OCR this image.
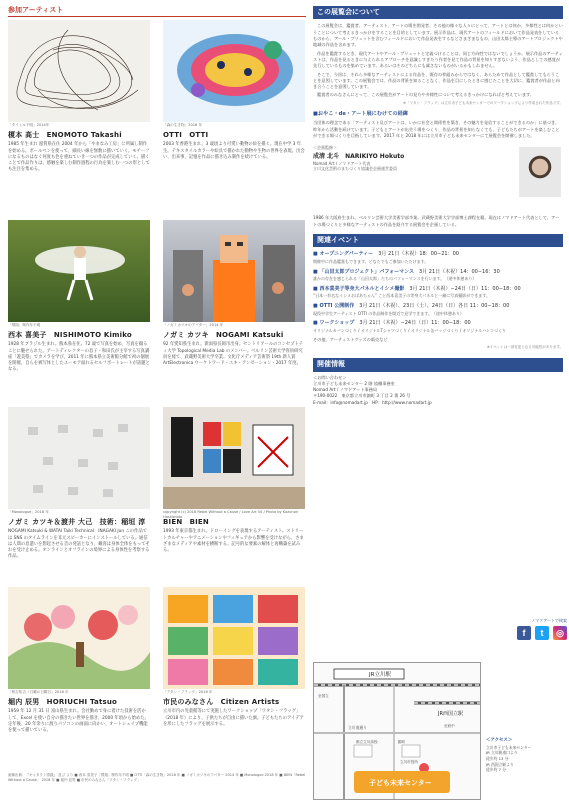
参加アーティスト
「タイトル不明」2014年
榎本 高士　ENOMOTO Takashi
1985 年生まれ 滋賀県在住 2004 年から「やまなみ工房」に所属し制作を始める。ボールペンを使って、細長い線を無数に描いていく。モチーフになるものはなく何度も色を重ねていき一つの作品が完成していく。描くことで作品作りは、感触を楽しむ制作過程の行為を楽しむ一つの形としても注目を集める。
「森の生き物」2018 年
OTTI　OTTI
2003 年香港生まれ。3 歳頃より可愛い動物の絵を描く。現在中学 3 年生。テキスタイルカラーや絵具で描かれた動物や生物の世界を表現。出会い、出来事、記憶を作品に描き込み制作を続けている。
「飛翔」制作年不明
西本 喜美子　NISHIMOTO Kimiko
1928 年ブラジル生まれ。熊本県在住。72 歳で写真を始め、写真を撮ることに魅せられた。アートディレクターの息子・和田氏が主宰する写真講座「遊美塾」でカメラを学び、2011 年に熊本県立美術館分館で初の個展を開催。自らを被写体としたユーモア溢れるセルフポートレートが話題となる。
「ノガミカツキのアバター」2014 年
ノガミ カツキ　NOGAMI Katsuki
92 年愛知県生まれ。新潟県長岡市出身。セントリアールのコンセプトティ大学 Topological Media Lab のメンバー。ベルリン芸術大学客員研究員を経て、武蔵野美術大学卒業。文化庁メディア芸術祭 19th 新人賞 ArtElectronica ウーケトワード・エキ・アンゼーション・2017 年度。
「Monologue」2018 年
ノガミ カツキ＆渡井 大己　技術：稲垣 淳
NOGAMI Katsuki & WATAI Taiki Technical：INAGAKI Jun この作品では SNS のタイムラインを耳元スピーカーにインストールしている。通信は人間の息遣いを想起させる音の発話となり、観客は身体全体をもってそれを受け止める。オンラインとオフラインの境界による身体性を考察する作品。
copyright (c) 2018 Rebel Without a Cause / Love Art 54 / Photo by Kazunori Hashimoto
BIEN　BIEN
1993 年東京都生まれ。ドローイングを表現するアーティスト。ストリートカルチャーやアニメーションやフィギュアから影響を受けながら、さまざまなメディアや素材を横断する。記号的な要素の解体と再構築を試みる。
「秋吉佑吉（日曜の日曜日」2016 年
堀内 辰男　HORIUCHI Tatsuo
1959 年 12 月 31 日 富山県生まれ。会社勤めで身に着けた技術を活かして、Excel を使い自分の描きたい世界を描き、2000 年頃から始めた。定年後、20 年余りに渡りパソコンの画面に向かい、オートシェイプ機能を使って描いている。
「アタシ・フラッグ」2016 年
市民のみなさん　Citizen Artists
立川市内の児童館等にて実施したワークショップ「ワタシ・フラッグ」（2018 年）により、子供たちが自由に描いた旗。子どもたちのアイデアを形にしたフラッグを展示する。
画像出典：『キャタクト図録』 及び より ■ 西本 喜美子「飛翔」制作年不明 ■ OTTI「森の生き物」2018 年 ■ ノガミカツキのアバター 2014 年 ■ Monologue 2018 年 ■ BIEN「Rebel Without a Cause」 2018 年 ■ 堀内 辰男 ■ 市民のみなさん「ワタシ・フラッグ」
この展覧会について

この展覧会は、鑑賞者、アーティスト、アートの場を開発者、その他の様々な人々にとって、アートとは何か、多様性とは何かということについて考えるきっかけをすることを目的としています。展示作品は、現代アートのフィールドにおいて作品発表をしているものから、アール・ブリュットを含むフィールドにおいて作品発表をするなどさまざまなもの、山田太郎主導のアートプロジェクトや地域の作品を含めます。

作品を鑑賞するとき、現代アートやアール・ブリュットと定義づけることは、同じ方向性ではないでしょうか。展示作品のアーティストは、作品を見るときに与えられるアプローチを意識しすぎたり作者を見て作品の背景を知りすぎないよう、作品としての感覚が先行しているものを集めています。あるいはそのどちらにも属さないものがいるかもしれません。

そこで、今回は、それら多様なアーティストによる作品を、既存の枠組みからではなく、あらためて作品として鑑賞してもらうことを意図しています。この展覧会では、作品の背景を知ることなく、作品を目にしたときに感じたことを大切に、鑑賞者が作品と向き合うことを意図しています。

鑑賞者のみなさんにとって、この展覧会がアートの見方や多様性について考えるきっかけになればと考えています。

※「ワタシ・フラッグ」は立川市子ども未来センターでのワークショップにより作成された作品です。
■おやこ・de・アート展にむけての経緯
当団体の理念である「アーティスト及びアートは、いかに社会と関係性を築き、その魅力を発信することができるのか」に基づき、昨年から活動を続けています。子どもとアートが出会う場をつくり、作品の背景を知らなくても、子どもたちがアートを楽しむことができる場づくりを目指しています。2017 年と 2018 年には立川市子ども未来センターにて展覧会を開催しました。
＜企画監修＞
成清 北斗　NARIKIYO Hokuto
Nomad Art / ノマドアート代表
立川文化芸術のまちづくり協議会企画運営委員
1986 年大阪府生まれ。ベルリン芸術大学美術学部卒業。武蔵野美術大学学部博士課程在籍。現在はノマドアート代表として、アートの場づくりと多様なアーティストの作品を紹介する展覧会を企画している。
関連イベント
■ オープニングパーティー　 3月 21日（木祝）18：00−21：00
開催中に作品鑑賞もできます。どなたでもご参加いただけます。
■ 「山田太郎プロジェクト」パフォーマンス　 3月 21日（木祝）14：00−16：30
誰かの存在を感じられる「山田太郎」たちのパフォーマンスを行います。（途中休憩あり）
■ 西本喜美子等身大パネルとイシメ撮影　 3月 21日（木祝）−24日（日）11：00−18：00
“日本一有名なイシメおばあちゃん” こと西本喜美子の等身大パネルと一緒に写真撮影ができます。
■ OTTI 公開制作　 3月 21日（木祝）、23日（土）、24日（日）各日 11：00−18：00
現役中学生アーティスト OTTI の作品制作を間近で見学できます。（途中休憩あり）
■ ワークショップ　 3月 21日（木祝）−24日（日）11：00−18：00
オリジナルカバンづくり / オリジナルTシャツづくり / オリジナル缶バッジづくり / オリジナルハンコづくり
その他、アーティストグッズの販売など
※イベントは一部変更となる可能性があります。
開催情報
＜お問い合わせ＞
立川市子ども未来センター 2 階 協働事務室
Nomad Art / ノマドアート事務局
〒190-0022　東京都立川市錦町 3 丁目 2 番 26 号
E-mail：info@nomadart.jp　HP：http://www.nomadart.jp
ノマドアートで検索
f	t	◎
JR立川駅
JR西国立駅
立川南通り
都立立川高校	錦町
立川市役所
至国立
至府中
子ども未来センター
＜アクセス＞
立川市子ども未来センター
JR 立川駅南口より
徒歩約 13 分
JR 西国立駅より
徒歩約 7 分
